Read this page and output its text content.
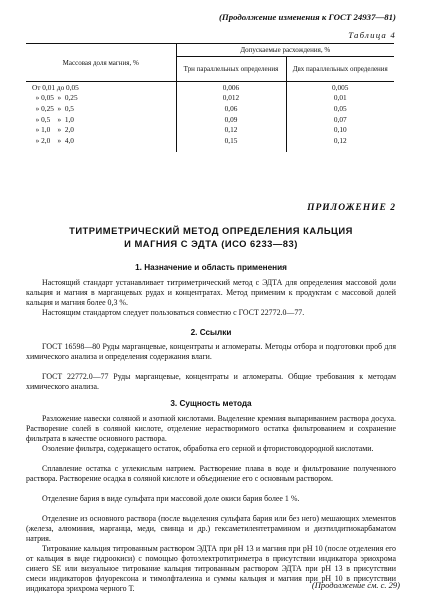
(Продолжение изменения к ГОСТ 24937—81)
Таблица 4
Массовая доля магния, %	Допускаемые расхождения, %	
	Трн параллельных определения	Двх параллельных определения
От 0,01 до 0,05	0,006	0,005
» 0,05  »  0,25	0,012	0,01
» 0,25  »  0,5	0,06	0,05
» 0,5    »  1,0	0,09	0,07
» 1,0    »  2,0	0,12	0,10
» 2,0    »  4,0	0,15	0,12

ПРИЛОЖЕНИЕ 2
ТИТРИМЕТРИЧЕСКИЙ МЕТОД ОПРЕДЕЛЕНИЯ КАЛЬЦИЯ
И МАГНИЯ С ЭДТА (ИСО 6233—83)
1. Назначение и область применения

Настоящий стандарт устанавливает титриметрический метод с ЭДТА для определения массовой доли кальция и магния в марганцевых рудах и концентратах. Метод применим к продуктам с массовой долей кальция и магния более 0,3 %.

Настоящим стандартом следует пользоваться совместно с ГОСТ 22772.0—77.

2. Ссылки

ГОСТ 16598—80 Руды марганцевые, концентраты и агломераты. Методы отбора и подготовки проб для химического анализа и определения содержания влаги.

ГОСТ 22772.0—77 Руды марганцевые, концентраты и агломераты. Общие требования к методам химического анализа.

3. Сущность метода

Разложение навески соляной и азотной кислотами. Выделение кремния выпариванием раствора досуха. Растворение солей в соляной кислоте, отделение нерастворимого остатка фильтрованием и сохранение фильтрата в качестве основного раствора.

Озоление фильтра, содержащего остаток, обработка его серной и фтористоводородной кислотами.

Сплавление остатка с углекислым натрием. Растворение плава в воде и фильтрование полученного раствора. Растворение осадка в соляной кислоте и объединение его с основным раствором.

Отделение бария в виде сульфата при массовой доле окиси бария более 1 %.

Отделение из основного раствора (после выделения сульфата бария или без него) мешающих элементов (железа, алюминия, марганца, меди, свинца и др.) гексаметилентетрамином и диэтилдитиокарбаматом натрия.

Титрование кальция титрованным раствором ЭДТА при pH 13 и магния при pH 10 (после отделения его от кальция в виде гидроокиси) с помощью фотоэлектротитриметра в присутствии индикатора эриохрома синего SE или визуальное титрование кальция титрованным раствором ЭДТА при pH 13 в присутствии смеси индикаторов флуорексона и тимолфталеина и суммы кальция и магния при pH 10 в присутствии индикатора эрихрома черного Т.	(Продолжение см. с. 29)
